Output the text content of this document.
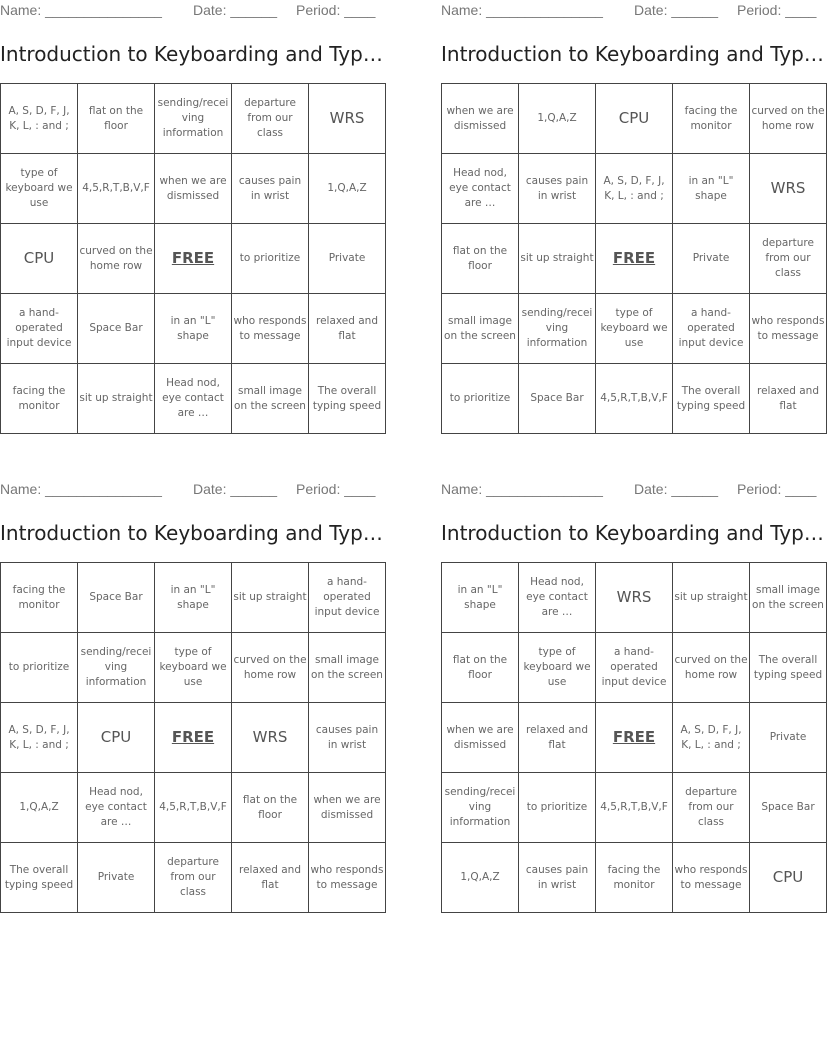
Name: _______________ Date: ______ Period: ____
Introduction to Keyboarding and Typ…
A, S, D, F, J, K, L, : and ;	flat on the floor	sending/receiving information	departure from our class	WRS
type of keyboard we use	4,5,R,T,B,V,F	when we are dismissed	causes pain in wrist	1,Q,A,Z
CPU	curved on the home row	FREE	to prioritize	Private
a hand-operated input device	Space Bar	in an "L" shape	who responds to message	relaxed and flat
facing the monitor	sit up straight	Head nod, eye contact are …	small image on the screen	The overall typing speed
Name: _______________ Date: ______ Period: ____
Introduction to Keyboarding and Typ…
when we are dismissed	1,Q,A,Z	CPU	facing the monitor	curved on the home row
Head nod, eye contact are …	causes pain in wrist	A, S, D, F, J, K, L, : and ;	in an "L" shape	WRS
flat on the floor	sit up straight	FREE	Private	departure from our class
small image on the screen	sending/receiving information	type of keyboard we use	a hand-operated input device	who responds to message
to prioritize	Space Bar	4,5,R,T,B,V,F	The overall typing speed	relaxed and flat
Name: _______________ Date: ______ Period: ____
Introduction to Keyboarding and Typ…
facing the monitor	Space Bar	in an "L" shape	sit up straight	a hand-operated input device
to prioritize	sending/receiving information	type of keyboard we use	curved on the home row	small image on the screen
A, S, D, F, J, K, L, : and ;	CPU	FREE	WRS	causes pain in wrist
1,Q,A,Z	Head nod, eye contact are …	4,5,R,T,B,V,F	flat on the floor	when we are dismissed
The overall typing speed	Private	departure from our class	relaxed and flat	who responds to message
Name: _______________ Date: ______ Period: ____
Introduction to Keyboarding and Typ…
in an "L" shape	Head nod, eye contact are …	WRS	sit up straight	small image on the screen
flat on the floor	type of keyboard we use	a hand-operated input device	curved on the home row	The overall typing speed
when we are dismissed	relaxed and flat	FREE	A, S, D, F, J, K, L, : and ;	Private
sending/receiving information	to prioritize	4,5,R,T,B,V,F	departure from our class	Space Bar
1,Q,A,Z	causes pain in wrist	facing the monitor	who responds to message	CPU
